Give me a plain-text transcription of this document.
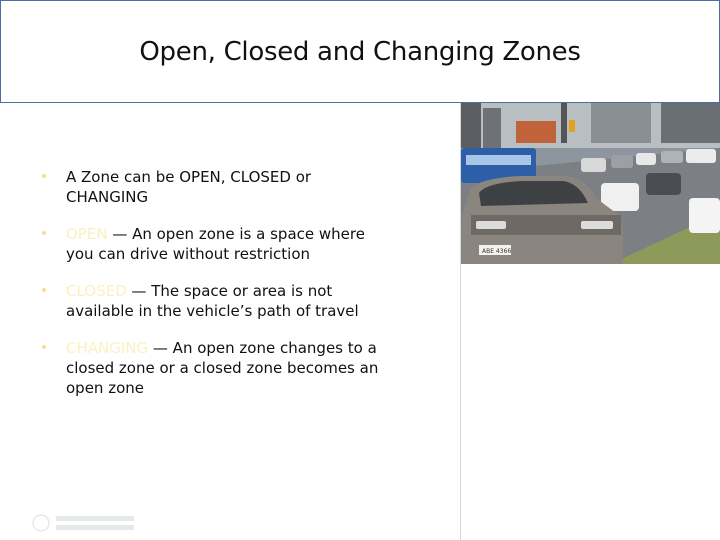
Open, Closed and Changing Zones
• A Zone can be OPEN, CLOSED or CHANGING
• OPEN — An open zone is a space where you can drive without restriction
• CLOSED — The space or area is not available in the vehicle’s path of travel
• CHANGING — An open zone changes to a closed zone or a closed zone becomes an open zone
ABE 4366
